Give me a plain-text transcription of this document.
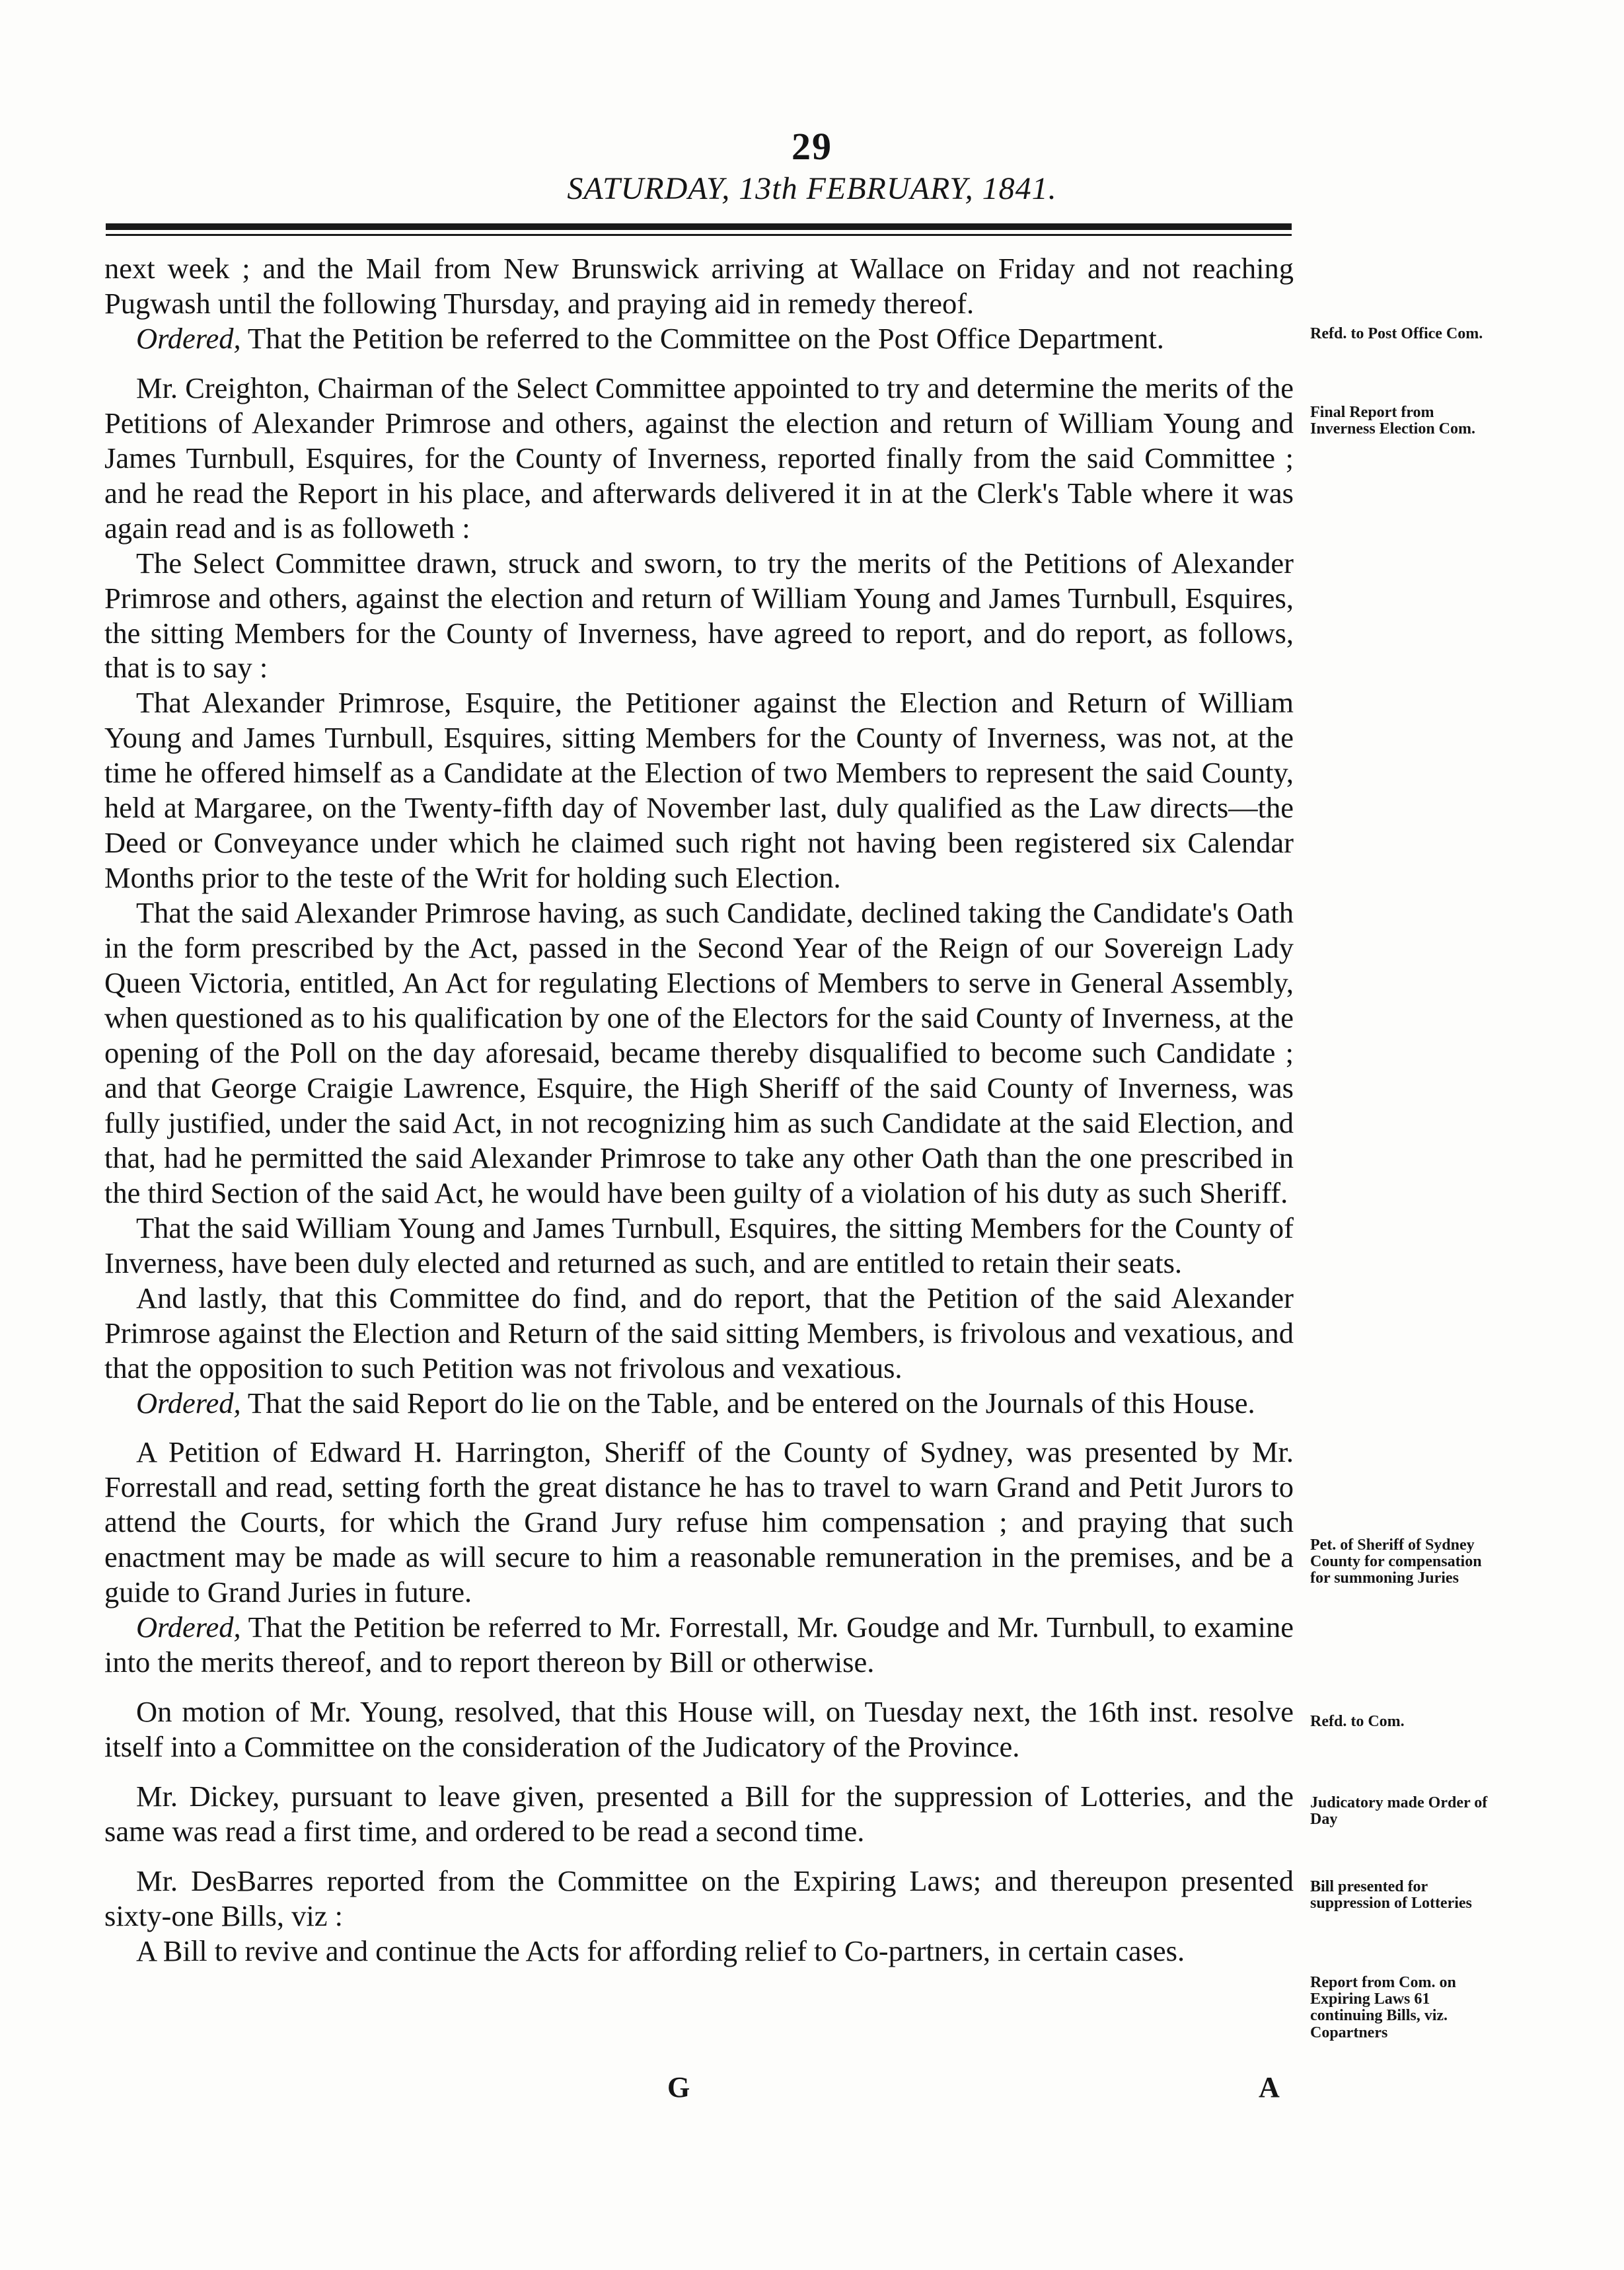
29
SATURDAY, 13th FEBRUARY, 1841.

next week ; and the Mail from New Brunswick arriving at Wallace on Friday and not reaching Pugwash until the following Thursday, and praying aid in remedy thereof.

Ordered, That the Petition be referred to the Committee on the Post Office Department.

Mr. Creighton, Chairman of the Select Committee appointed to try and determine the merits of the Petitions of Alexander Primrose and others, against the election and return of William Young and James Turnbull, Esquires, for the County of Inverness, reported finally from the said Committee ; and he read the Report in his place, and afterwards delivered it in at the Clerk's Table where it was again read and is as followeth :

The Select Committee drawn, struck and sworn, to try the merits of the Petitions of Alexander Primrose and others, against the election and return of William Young and James Turnbull, Esquires, the sitting Members for the County of Inverness, have agreed to report, and do report, as follows, that is to say :

That Alexander Primrose, Esquire, the Petitioner against the Election and Return of William Young and James Turnbull, Esquires, sitting Members for the County of Inverness, was not, at the time he offered himself as a Candidate at the Election of two Members to represent the said County, held at Margaree, on the Twenty-fifth day of November last, duly qualified as the Law directs—the Deed or Conveyance under which he claimed such right not having been registered six Calendar Months prior to the teste of the Writ for holding such Election.

That the said Alexander Primrose having, as such Candidate, declined taking the Candidate's Oath in the form prescribed by the Act, passed in the Second Year of the Reign of our Sovereign Lady Queen Victoria, entitled, An Act for regulating Elections of Members to serve in General Assembly, when questioned as to his qualification by one of the Electors for the said County of Inverness, at the opening of the Poll on the day aforesaid, became thereby disqualified to become such Candidate ; and that George Craigie Lawrence, Esquire, the High Sheriff of the said County of Inverness, was fully justified, under the said Act, in not recognizing him as such Candidate at the said Election, and that, had he permitted the said Alexander Primrose to take any other Oath than the one prescribed in the third Section of the said Act, he would have been guilty of a violation of his duty as such Sheriff.

That the said William Young and James Turnbull, Esquires, the sitting Members for the County of Inverness, have been duly elected and returned as such, and are entitled to retain their seats.

And lastly, that this Committee do find, and do report, that the Petition of the said Alexander Primrose against the Election and Return of the said sitting Members, is frivolous and vexatious, and that the opposition to such Petition was not frivolous and vexatious.

Ordered, That the said Report do lie on the Table, and be entered on the Journals of this House.

A Petition of Edward H. Harrington, Sheriff of the County of Sydney, was presented by Mr. Forrestall and read, setting forth the great distance he has to travel to warn Grand and Petit Jurors to attend the Courts, for which the Grand Jury refuse him compensation ; and praying that such enactment may be made as will secure to him a reasonable remuneration in the premises, and be a guide to Grand Juries in future.

Ordered, That the Petition be referred to Mr. Forrestall, Mr. Goudge and Mr. Turnbull, to examine into the merits thereof, and to report thereon by Bill or otherwise.

On motion of Mr. Young, resolved, that this House will, on Tuesday next, the 16th inst. resolve itself into a Committee on the consideration of the Judicatory of the Province.

Mr. Dickey, pursuant to leave given, presented a Bill for the suppression of Lotteries, and the same was read a first time, and ordered to be read a second time.

Mr. DesBarres reported from the Committee on the Expiring Laws; and thereupon presented sixty-one Bills, viz :

A Bill to revive and continue the Acts for affording relief to Co-partners, in certain cases.

Refd. to Post Office Com.
Final Report from Inverness Election Com.
Pet. of Sheriff of Sydney County for compensation for summoning Juries
Refd. to Com.
Judicatory made Order of Day
Bill presented for suppression of Lotteries
Report from Com. on Expiring Laws 61 continuing Bills, viz. Copartners
G	A
